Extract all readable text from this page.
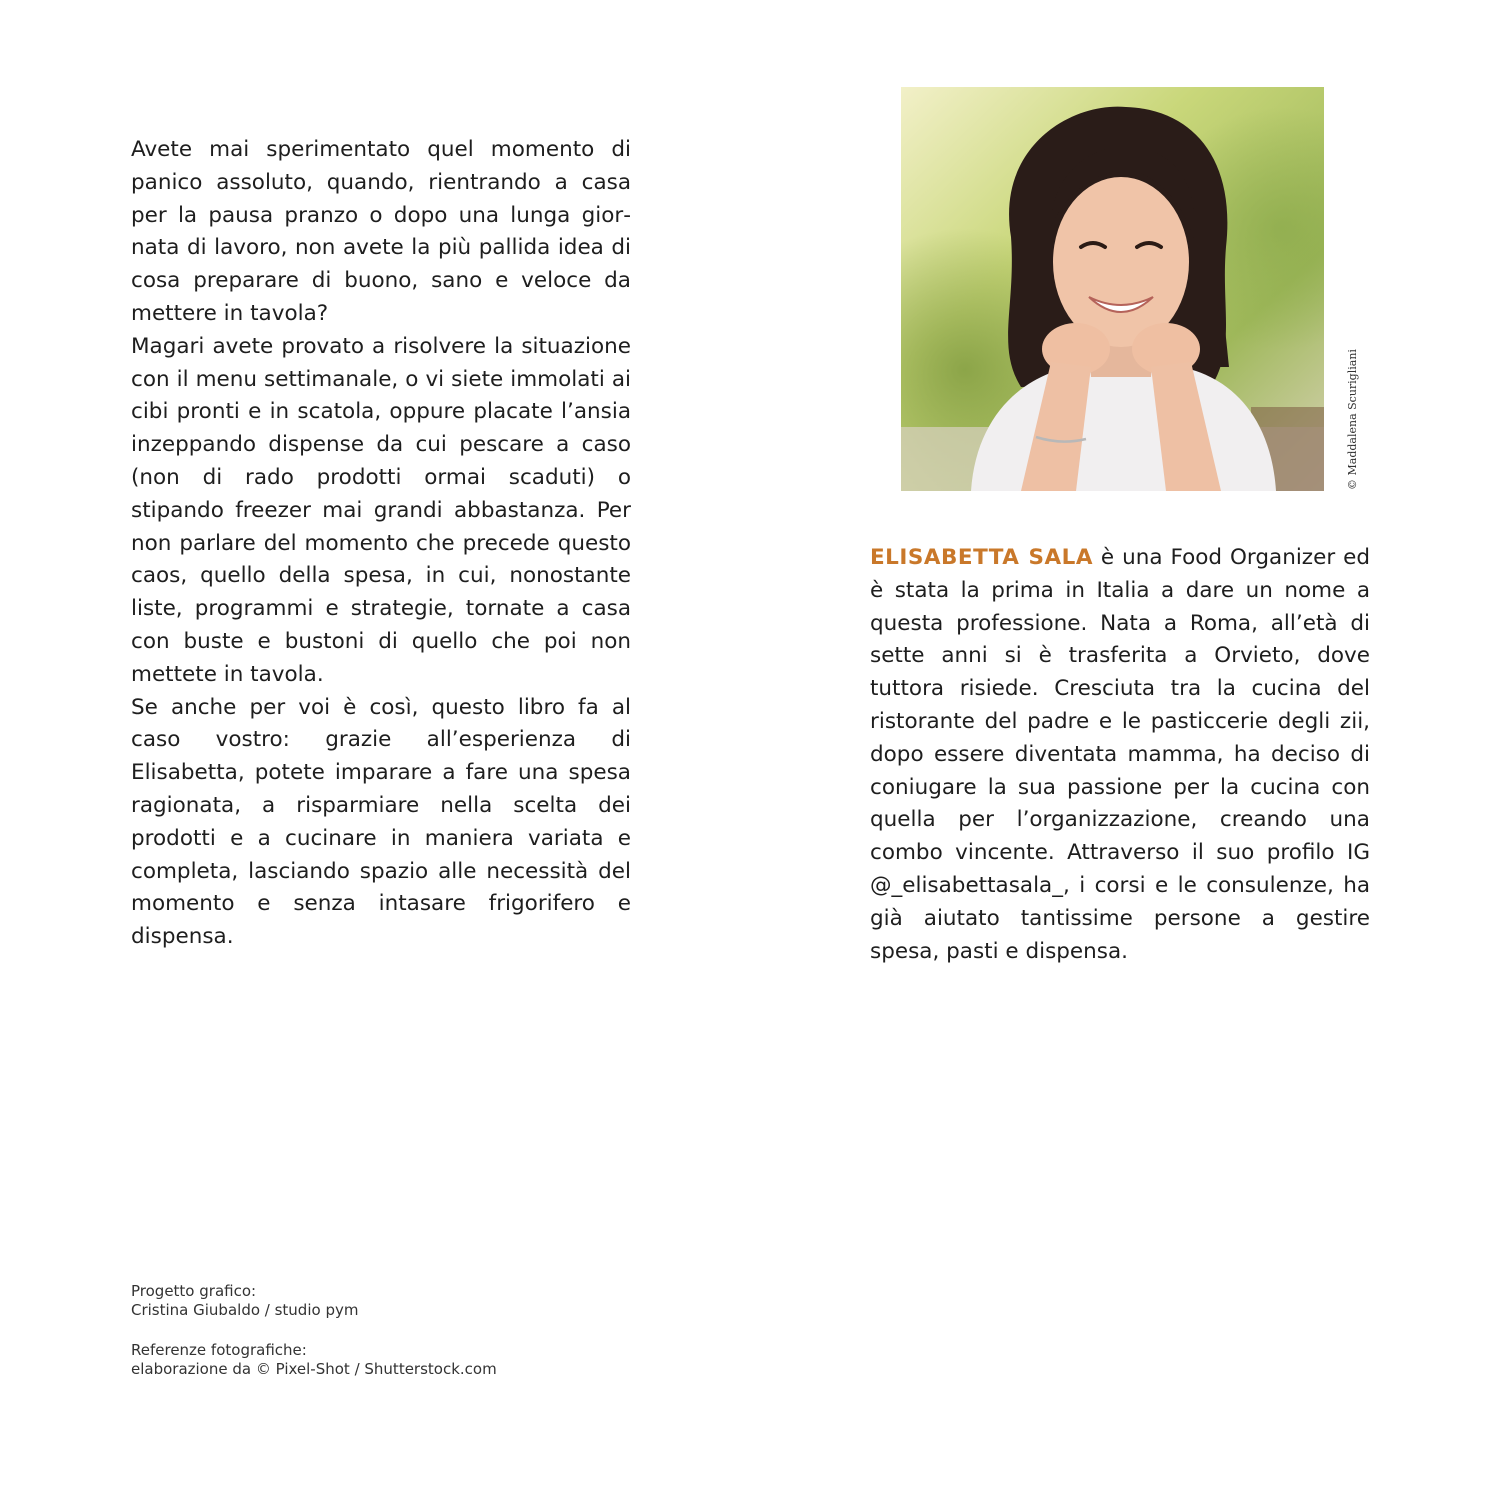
Avete mai sperimentato quel momento di panico assoluto, quando, rientrando a casa per la pausa pranzo o dopo una lunga giornata di lavoro, non avete la più pallida idea di cosa preparare di buono, sano e veloce da mettere in tavola?

Magari avete provato a risolvere la situazione con il menu settimanale, o vi siete immolati ai cibi pronti e in scatola, oppure placate l’ansia inzeppando dispense da cui pescare a caso (non di rado prodotti ormai scaduti) o stipando freezer mai grandi abbastanza. Per non parlare del momento che precede questo caos, quello della spesa, in cui, nonostante liste, programmi e strategie, tornate a casa con buste e bustoni di quello che poi non mettete in tavola.

Se anche per voi è così, questo libro fa al caso vostro: grazie all’esperienza di Elisabetta, potete imparare a fare una spesa ragionata, a risparmiare nella scelta dei prodotti e a cucinare in maniera variata e completa, lasciando spazio alle necessità del momento e senza intasare frigorifero e dispensa.

© Maddalena Scurigliani

ELISABETTA SALA è una Food Organizer ed è stata la prima in Italia a dare un nome a questa professione. Nata a Roma, all’età di sette anni si è trasferita a Orvieto, dove tuttora risiede. Cresciuta tra la cucina del ristorante del padre e le pasticcerie degli zii, dopo essere diventata mamma, ha deciso di coniugare la sua passione per la cucina con quella per l’organizzazione, creando una combo vincente. Attraverso il suo profilo IG @_elisabettasala_, i corsi e le consulenze, ha già aiutato tantissime persone a gestire spesa, pasti e dispensa.

Progetto grafico:
Cristina Giubaldo / studio pym
Referenze fotografiche:
elaborazione da © Pixel-Shot / Shutterstock.com
